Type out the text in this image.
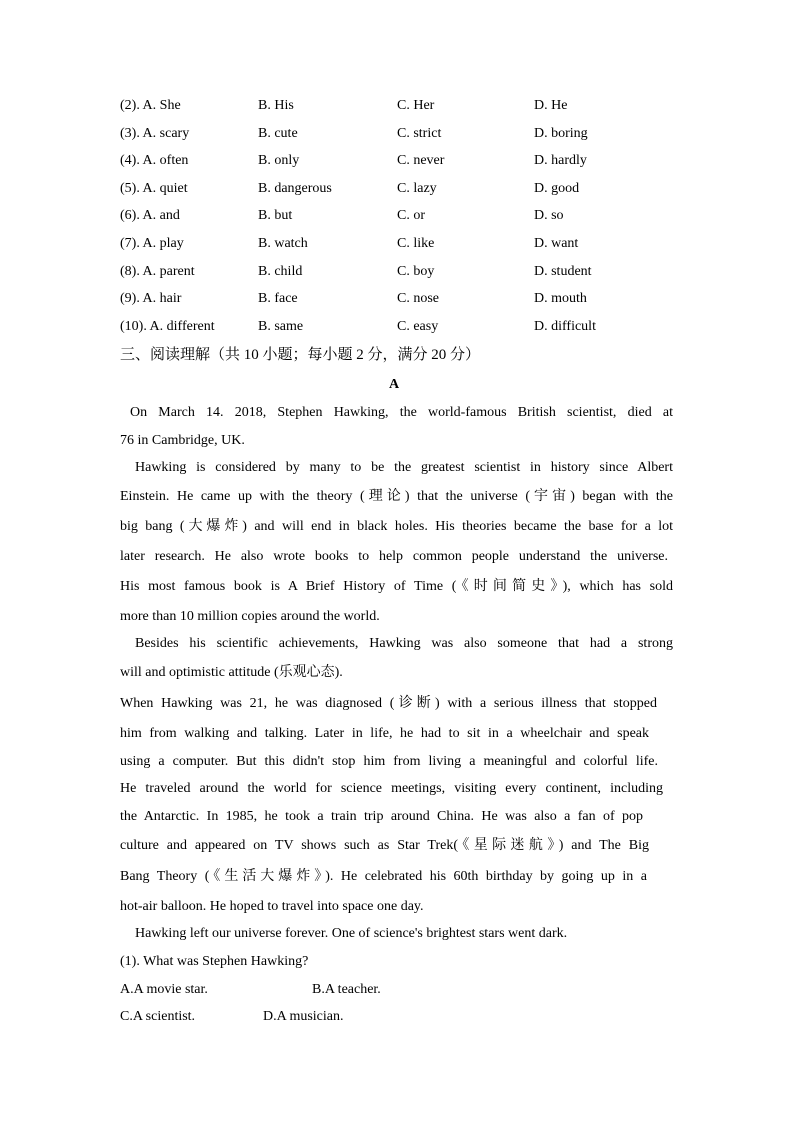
(2). A. She	B. His	C. Her	D. He
(3). A. scary	B. cute	C. strict	D. boring
(4). A. often	B. only	C. never	D. hardly
(5). A. quiet	B. dangerous	C. lazy	D. good
(6). A. and	B. but	C. or	D. so
(7). A. play	B. watch	C. like	D. want
(8). A. parent	B. child	C. boy	D. student
(9). A. hair	B. face	C. nose	D. mouth
(10). A. different	B. same	C. easy	D. difficult
三、阅读理解（共 10 小题；每小题 2 分，满分 20 分）
A
On March 14. 2018, Stephen Hawking, the world-famous British scientist, died at
76 in Cambridge, UK.
Hawking is considered by many to be the greatest scientist in history since Albert
Einstein. He came up with the theory (理论) that the universe (宇宙) began with the
big bang (大爆炸) and will end in black holes. His theories became the base for a lot
later research. He also wrote books to help common people understand the universe.
His most famous book is A Brief History of Time (《时间简史》), which has sold
more than 10 million copies around the world.
Besides his scientific achievements, Hawking was also someone that had a strong
will and optimistic attitude (乐观心态).
When Hawking was 21, he was diagnosed (诊断) with a serious illness that stopped
him from walking and talking. Later in life, he had to sit in a wheelchair and speak
using a computer. But this didn't stop him from living a meaningful and colorful life.
He traveled around the world for science meetings, visiting every continent, including
the Antarctic. In 1985, he took a train trip around China. He was also a fan of pop
culture and appeared on TV shows such as Star Trek(《星际迷航》) and The Big
Bang Theory (《生活大爆炸》). He celebrated his 60th birthday by going up in a
hot-air balloon. He hoped to travel into space one day.
Hawking left our universe forever. One of science's brightest stars went dark.
(1). What was Stephen Hawking?
A.A movie star.	B.A teacher.
C.A scientist.	D.A musician.
